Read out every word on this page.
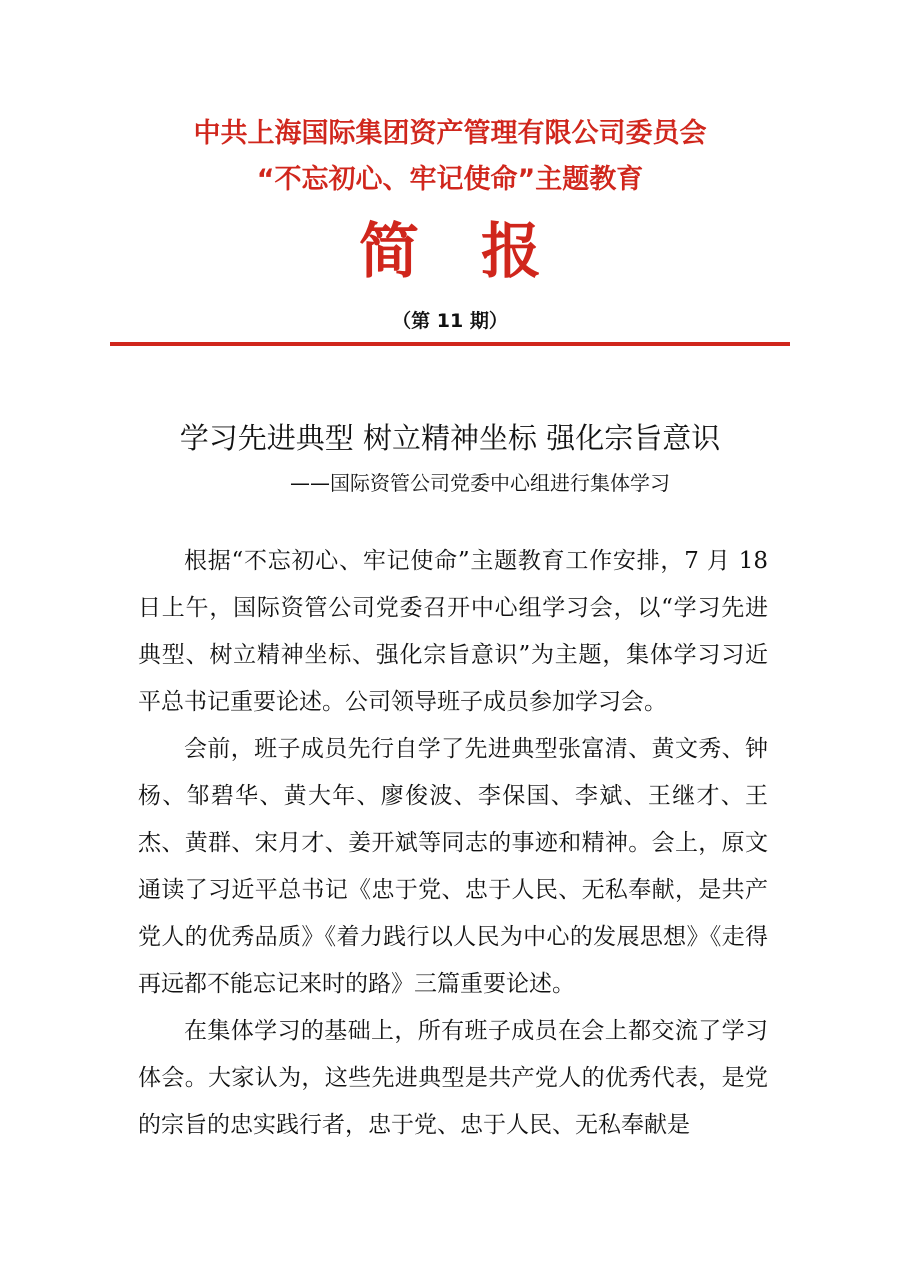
中共上海国际集团资产管理有限公司委员会
“不忘初心、牢记使命”主题教育
简报
（第 11 期）
学习先进典型 树立精神坐标 强化宗旨意识
——国际资管公司党委中心组进行集体学习

根据“不忘初心、牢记使命”主题教育工作安排，7 月 18 日上午，国际资管公司党委召开中心组学习会，以“学习先进典型、树立精神坐标、强化宗旨意识”为主题，集体学习习近平总书记重要论述。公司领导班子成员参加学习会。

会前，班子成员先行自学了先进典型张富清、黄文秀、钟杨、邹碧华、黄大年、廖俊波、李保国、李斌、王继才、王杰、黄群、宋月才、姜开斌等同志的事迹和精神。会上，原文通读了习近平总书记《忠于党、忠于人民、无私奉献，是共产党人的优秀品质》《着力践行以人民为中心的发展思想》《走得再远都不能忘记来时的路》三篇重要论述。

在集体学习的基础上，所有班子成员在会上都交流了学习体会。大家认为，这些先进典型是共产党人的优秀代表，是党的宗旨的忠实践行者，忠于党、忠于人民、无私奉献是
